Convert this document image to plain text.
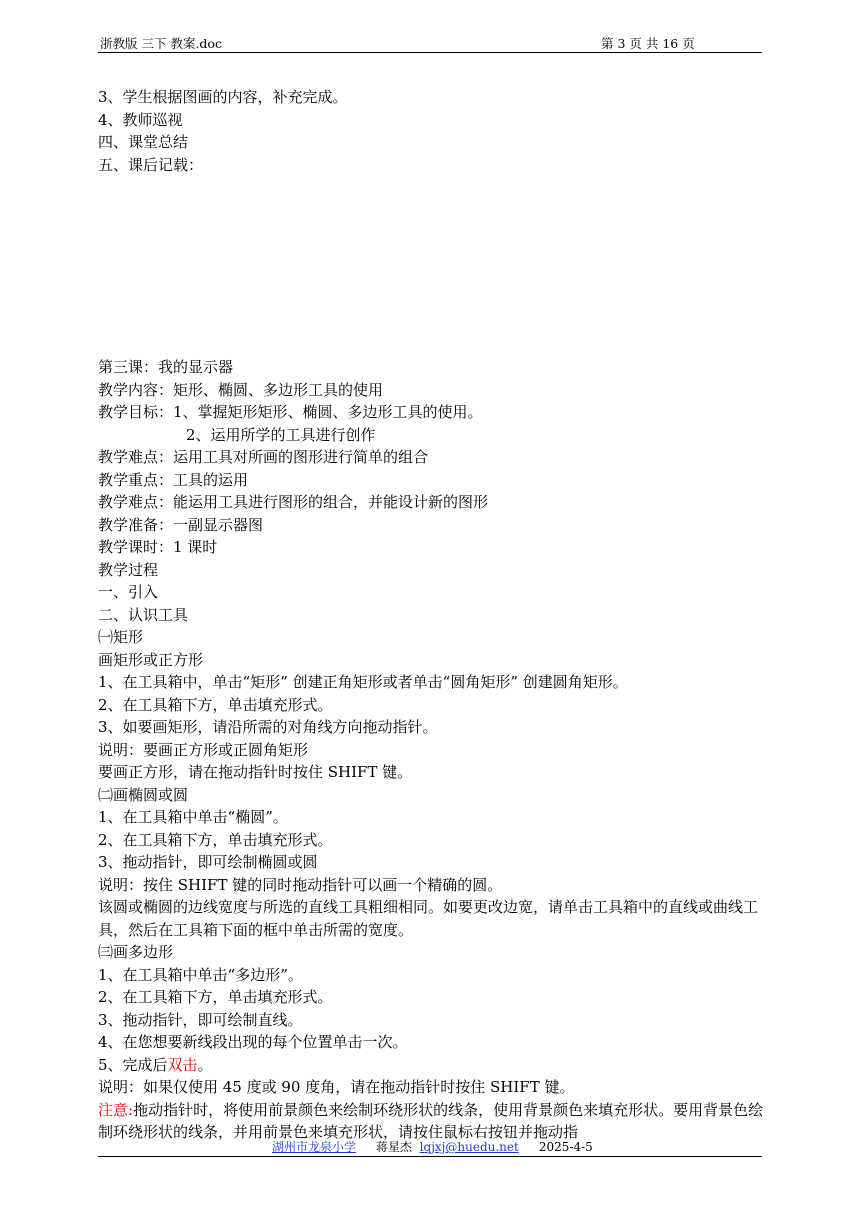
浙教版 三下 教案.doc	第 3 页 共 16 页
3、学生根据图画的内容，补充完成。
4、教师巡视
四、课堂总结
五、课后记载：
第三课：我的显示器
教学内容：矩形、椭圆、多边形工具的使用
教学目标：1、掌握矩形矩形、椭圆、多边形工具的使用。
2、运用所学的工具进行创作
教学难点：运用工具对所画的图形进行简单的组合
教学重点：工具的运用
教学难点：能运用工具进行图形的组合，并能设计新的图形
教学准备：一副显示器图
教学课时：1 课时
教学过程
一、引入
二、认识工具
㈠矩形
画矩形或正方形
1、在工具箱中，单击“矩形” 创建正角矩形或者单击“圆角矩形” 创建圆角矩形。
2、在工具箱下方，单击填充形式。
3、如要画矩形，请沿所需的对角线方向拖动指针。
说明：要画正方形或正圆角矩形
要画正方形，请在拖动指针时按住 SHIFT 键。
㈡画椭圆或圆
1、在工具箱中单击“椭圆”。
2、在工具箱下方，单击填充形式。
3、拖动指针，即可绘制椭圆或圆
说明：按住 SHIFT 键的同时拖动指针可以画一个精确的圆。
该圆或椭圆的边线宽度与所选的直线工具粗细相同。如要更改边宽，请单击工具箱中的直线或曲线工具，然后在工具箱下面的框中单击所需的宽度。
㈢画多边形
1、在工具箱中单击“多边形”。
2、在工具箱下方，单击填充形式。
3、拖动指针，即可绘制直线。
4、在您想要新线段出现的每个位置单击一次。
5、完成后双击。
说明：如果仅使用 45 度或 90 度角，请在拖动指针时按住 SHIFT 键。
注意:拖动指针时，将使用前景颜色来绘制环绕形状的线条，使用背景颜色来填充形状。要用背景色绘制环绕形状的线条，并用前景色来填充形状，请按住鼠标右按钮并拖动指
湖州市龙泉小学 蒋星杰 lqjxj@huedu.net 2025-4-5
